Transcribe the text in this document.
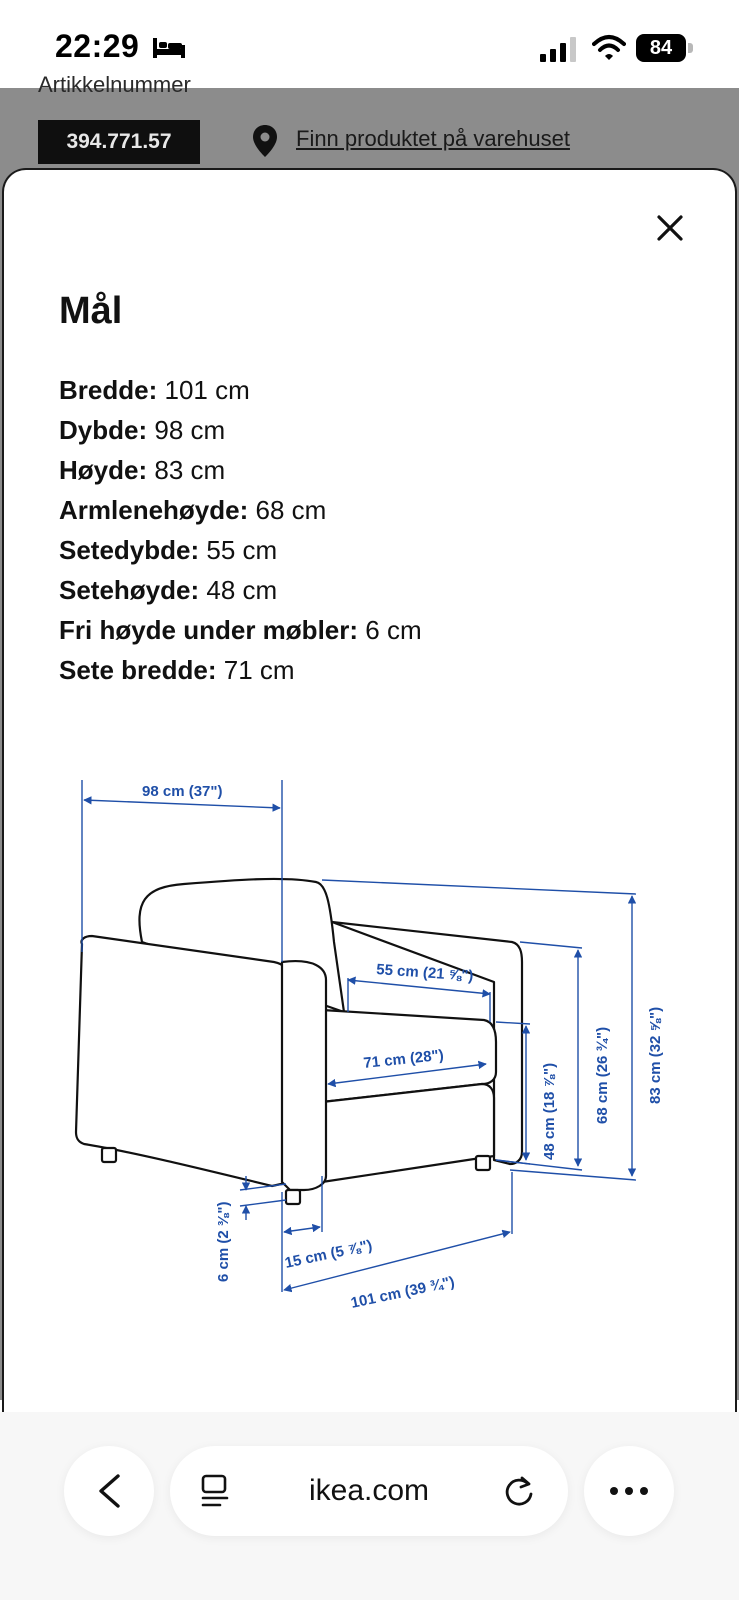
22:29	84
Artikkelnummer
394.771.57	Finn produktet på varehuset
Mål
Bredde: 101 cm
Dybde: 98 cm
Høyde: 83 cm
Armlenehøyde: 68 cm
Setedybde: 55 cm
Setehøyde: 48 cm
Fri høyde under møbler: 6 cm
Sete bredde: 71 cm
98 cm (37")
55 cm (21 ⅝")
71 cm (28")
48 cm (18 ⅞") 68 cm (26 ¾") 83 cm (32 ⅝")
6 cm (2 ⅜")	15 cm (5 ⅞")
101 cm (39 ¾")
ikea.com
